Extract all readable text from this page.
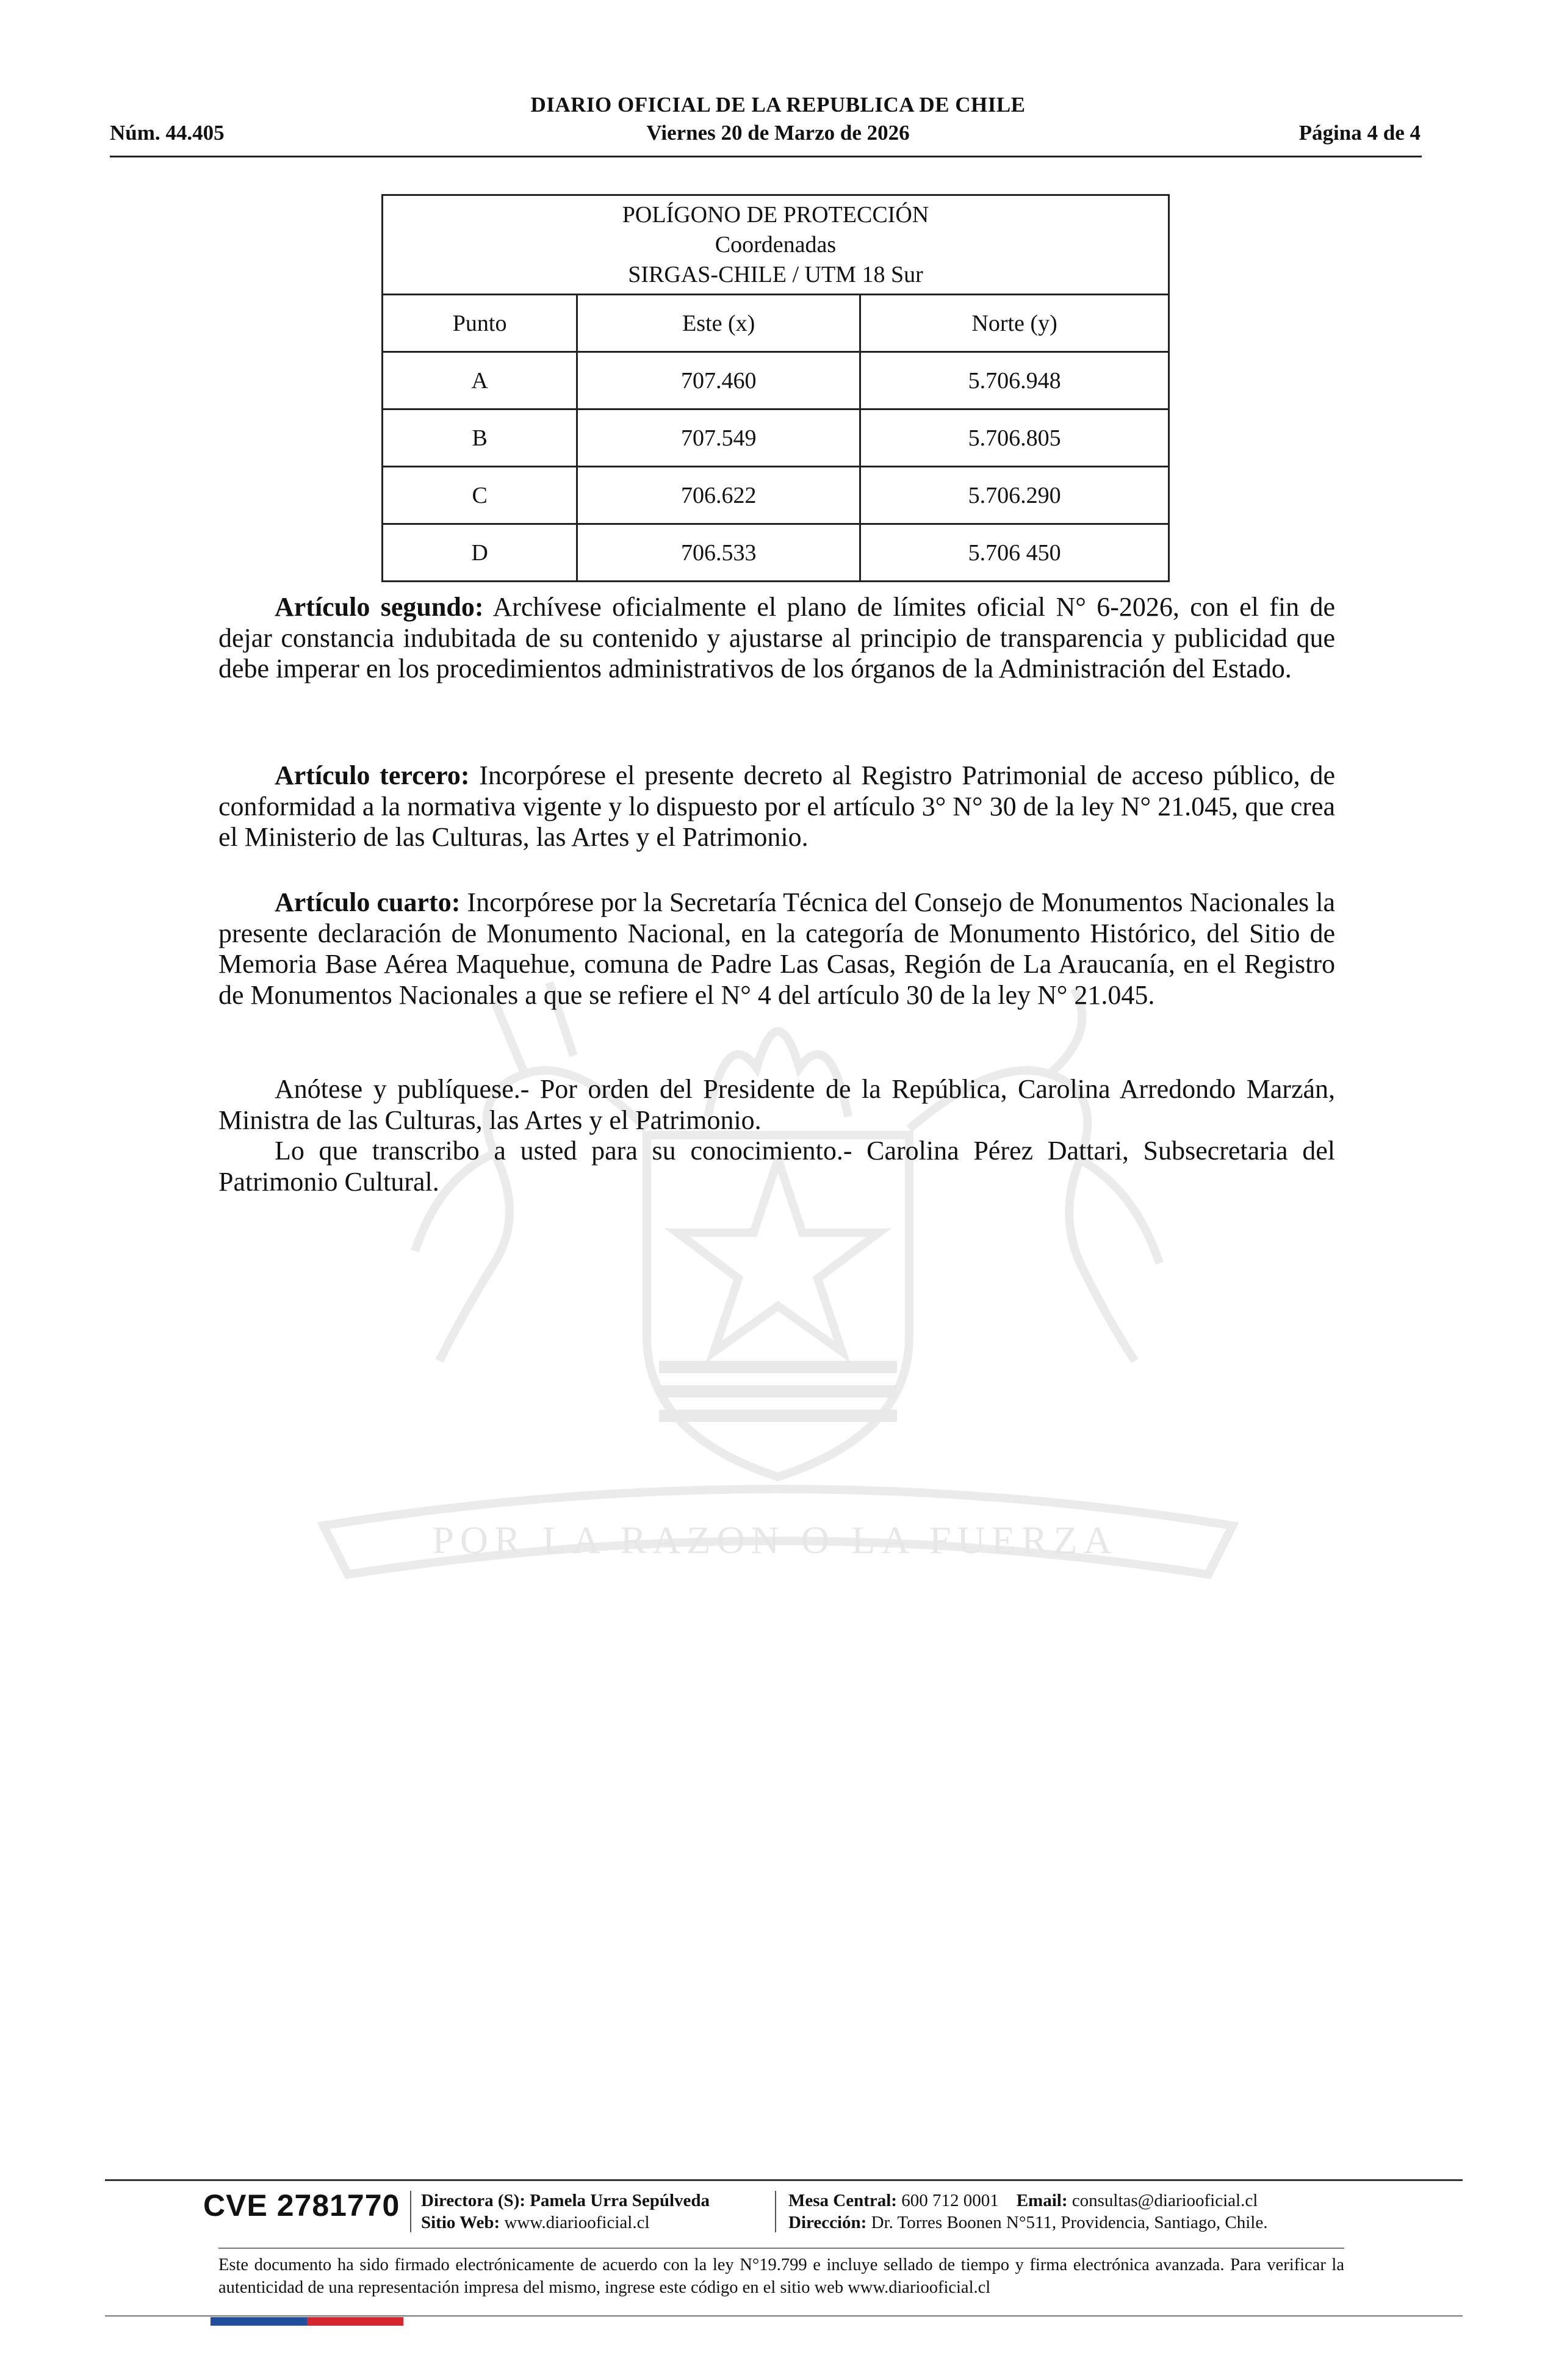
DIARIO OFICIAL DE LA REPUBLICA DE CHILE
Núm. 44.405	Viernes 20 de Marzo de 2026	Página 4 de 4
POR LA RAZON O LA FUERZA
POLÍGONO DE PROTECCIÓN
Coordenadas
SIRGAS-CHILE / UTM 18 Sur		

Punto	Este (x)	Norte (y)
A	707.460	5.706.948
B	707.549	5.706.805
C	706.622	5.706.290
D	706.533	5.706 450

Artículo segundo: Archívese oficialmente el plano de límites oficial N° 6-2026, con el fin de dejar constancia indubitada de su contenido y ajustarse al principio de transparencia y publicidad que debe imperar en los procedimientos administrativos de los órganos de la Administración del Estado.

Artículo tercero: Incorpórese el presente decreto al Registro Patrimonial de acceso público, de conformidad a la normativa vigente y lo dispuesto por el artículo 3° N° 30 de la ley N° 21.045, que crea el Ministerio de las Culturas, las Artes y el Patrimonio.

Artículo cuarto: Incorpórese por la Secretaría Técnica del Consejo de Monumentos Nacionales la presente declaración de Monumento Nacional, en la categoría de Monumento Histórico, del Sitio de Memoria Base Aérea Maquehue, comuna de Padre Las Casas, Región de La Araucanía, en el Registro de Monumentos Nacionales a que se refiere el N° 4 del artículo 30 de la ley N° 21.045.

Anótese y publíquese.- Por orden del Presidente de la República, Carolina Arredondo Marzán, Ministra de las Culturas, las Artes y el Patrimonio.

Lo que transcribo a usted para su conocimiento.- Carolina Pérez Dattari, Subsecretaria del Patrimonio Cultural.

CVE 2781770 Directora (S): Pamela Urra Sepúlveda
Sitio Web: www.diariooficial.cl
Mesa Central: 600 712 0001 Email: consultas@diariooficial.cl
Dirección: Dr. Torres Boonen N°511, Providencia, Santiago, Chile.
Este documento ha sido firmado electrónicamente de acuerdo con la ley N°19.799 e incluye sellado de tiempo y firma electrónica avanzada. Para verificar la autenticidad de una representación impresa del mismo, ingrese este código en el sitio web www.diariooficial.cl
